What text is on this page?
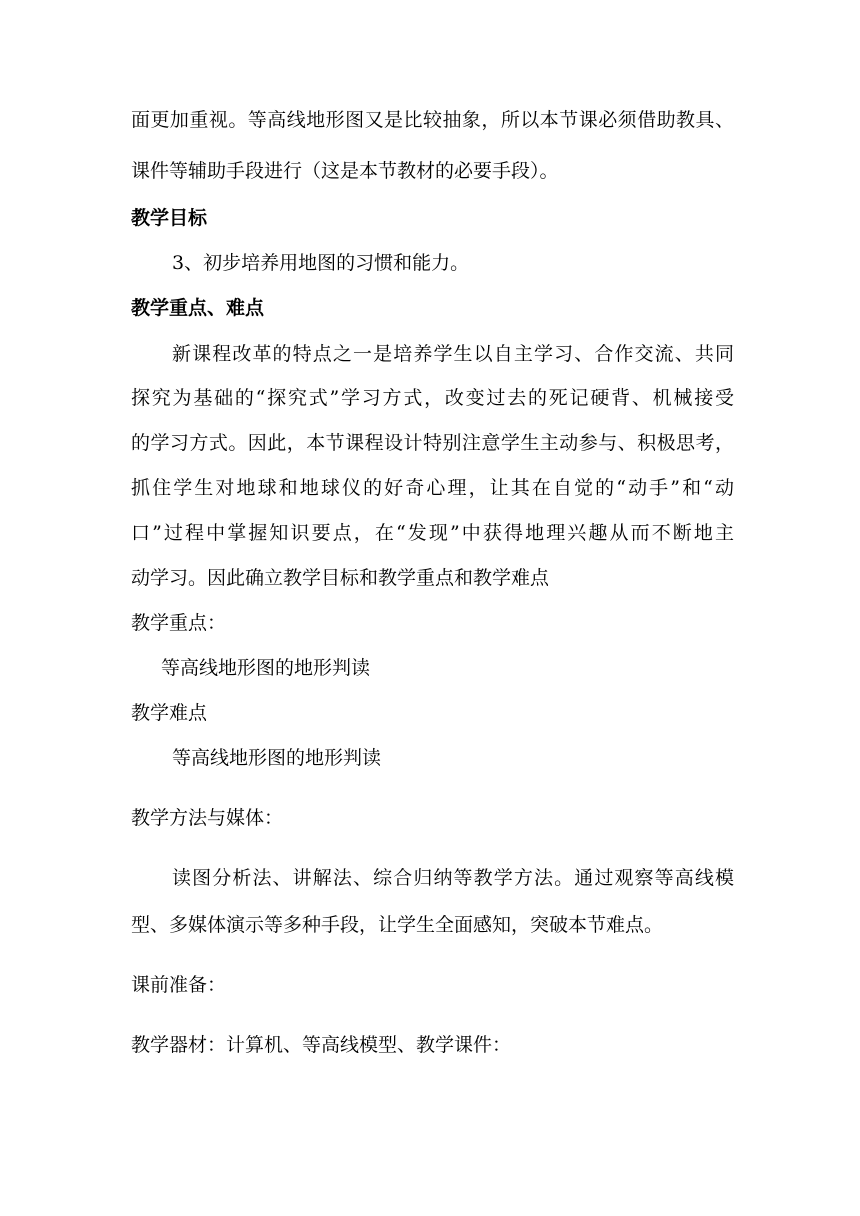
面更加重视。等高线地形图又是比较抽象，所以本节课必须借助教具、
课件等辅助手段进行（这是本节教材的必要手段）。
教学目标
3、初步培养用地图的习惯和能力。
教学重点、难点
新课程改革的特点之一是培养学生以自主学习、合作交流、共同
探究为基础的“探究式”学习方式，改变过去的死记硬背、机械接受
的学习方式。因此，本节课程设计特别注意学生主动参与、积极思考，
抓住学生对地球和地球仪的好奇心理，让其在自觉的“动手”和“动
口”过程中掌握知识要点，在“发现”中获得地理兴趣从而不断地主
动学习。因此确立教学目标和教学重点和教学难点
教学重点：
等高线地形图的地形判读
教学难点
等高线地形图的地形判读
教学方法与媒体：
读图分析法、讲解法、综合归纳等教学方法。通过观察等高线模
型、多媒体演示等多种手段，让学生全面感知，突破本节难点。
课前准备：
教学器材：计算机、等高线模型、教学课件：
